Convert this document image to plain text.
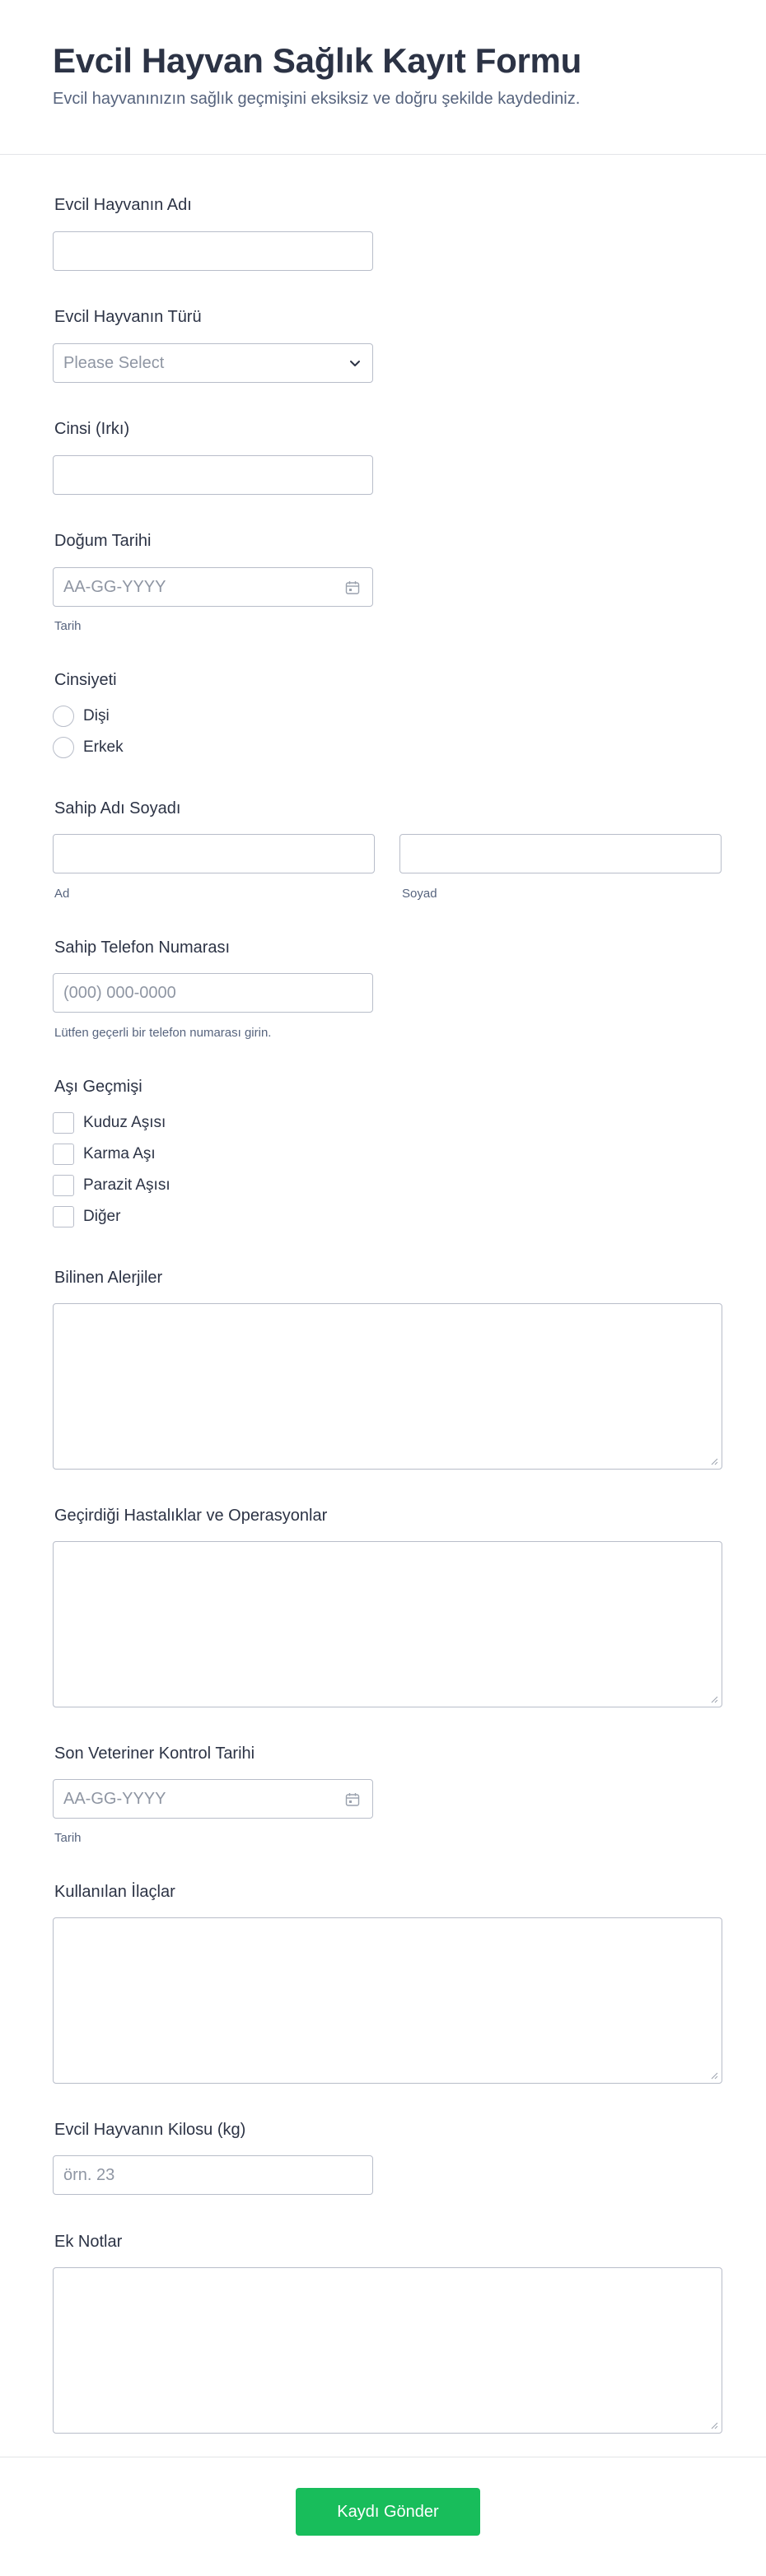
Evcil Hayvan Sağlık Kayıt Formu

Evcil hayvanınızın sağlık geçmişini eksiksiz ve doğru şekilde kaydediniz.

Evcil Hayvanın Adı
Evcil Hayvanın Türü
Please Select
Cinsi (Irkı)
Doğum Tarihi
AA-GG-YYYY
Tarih
Cinsiyeti
Dişi
Erkek
Sahip Adı Soyadı
Ad	Soyad
Sahip Telefon Numarası
(000) 000-0000
Lütfen geçerli bir telefon numarası girin.
Aşı Geçmişi
Kuduz Aşısı
Karma Aşı
Parazit Aşısı
Diğer
Bilinen Alerjiler
Geçirdiği Hastalıklar ve Operasyonlar
Son Veteriner Kontrol Tarihi
AA-GG-YYYY
Tarih
Kullanılan İlaçlar
Evcil Hayvanın Kilosu (kg)
örn. 23
Ek Notlar
Kaydı Gönder
